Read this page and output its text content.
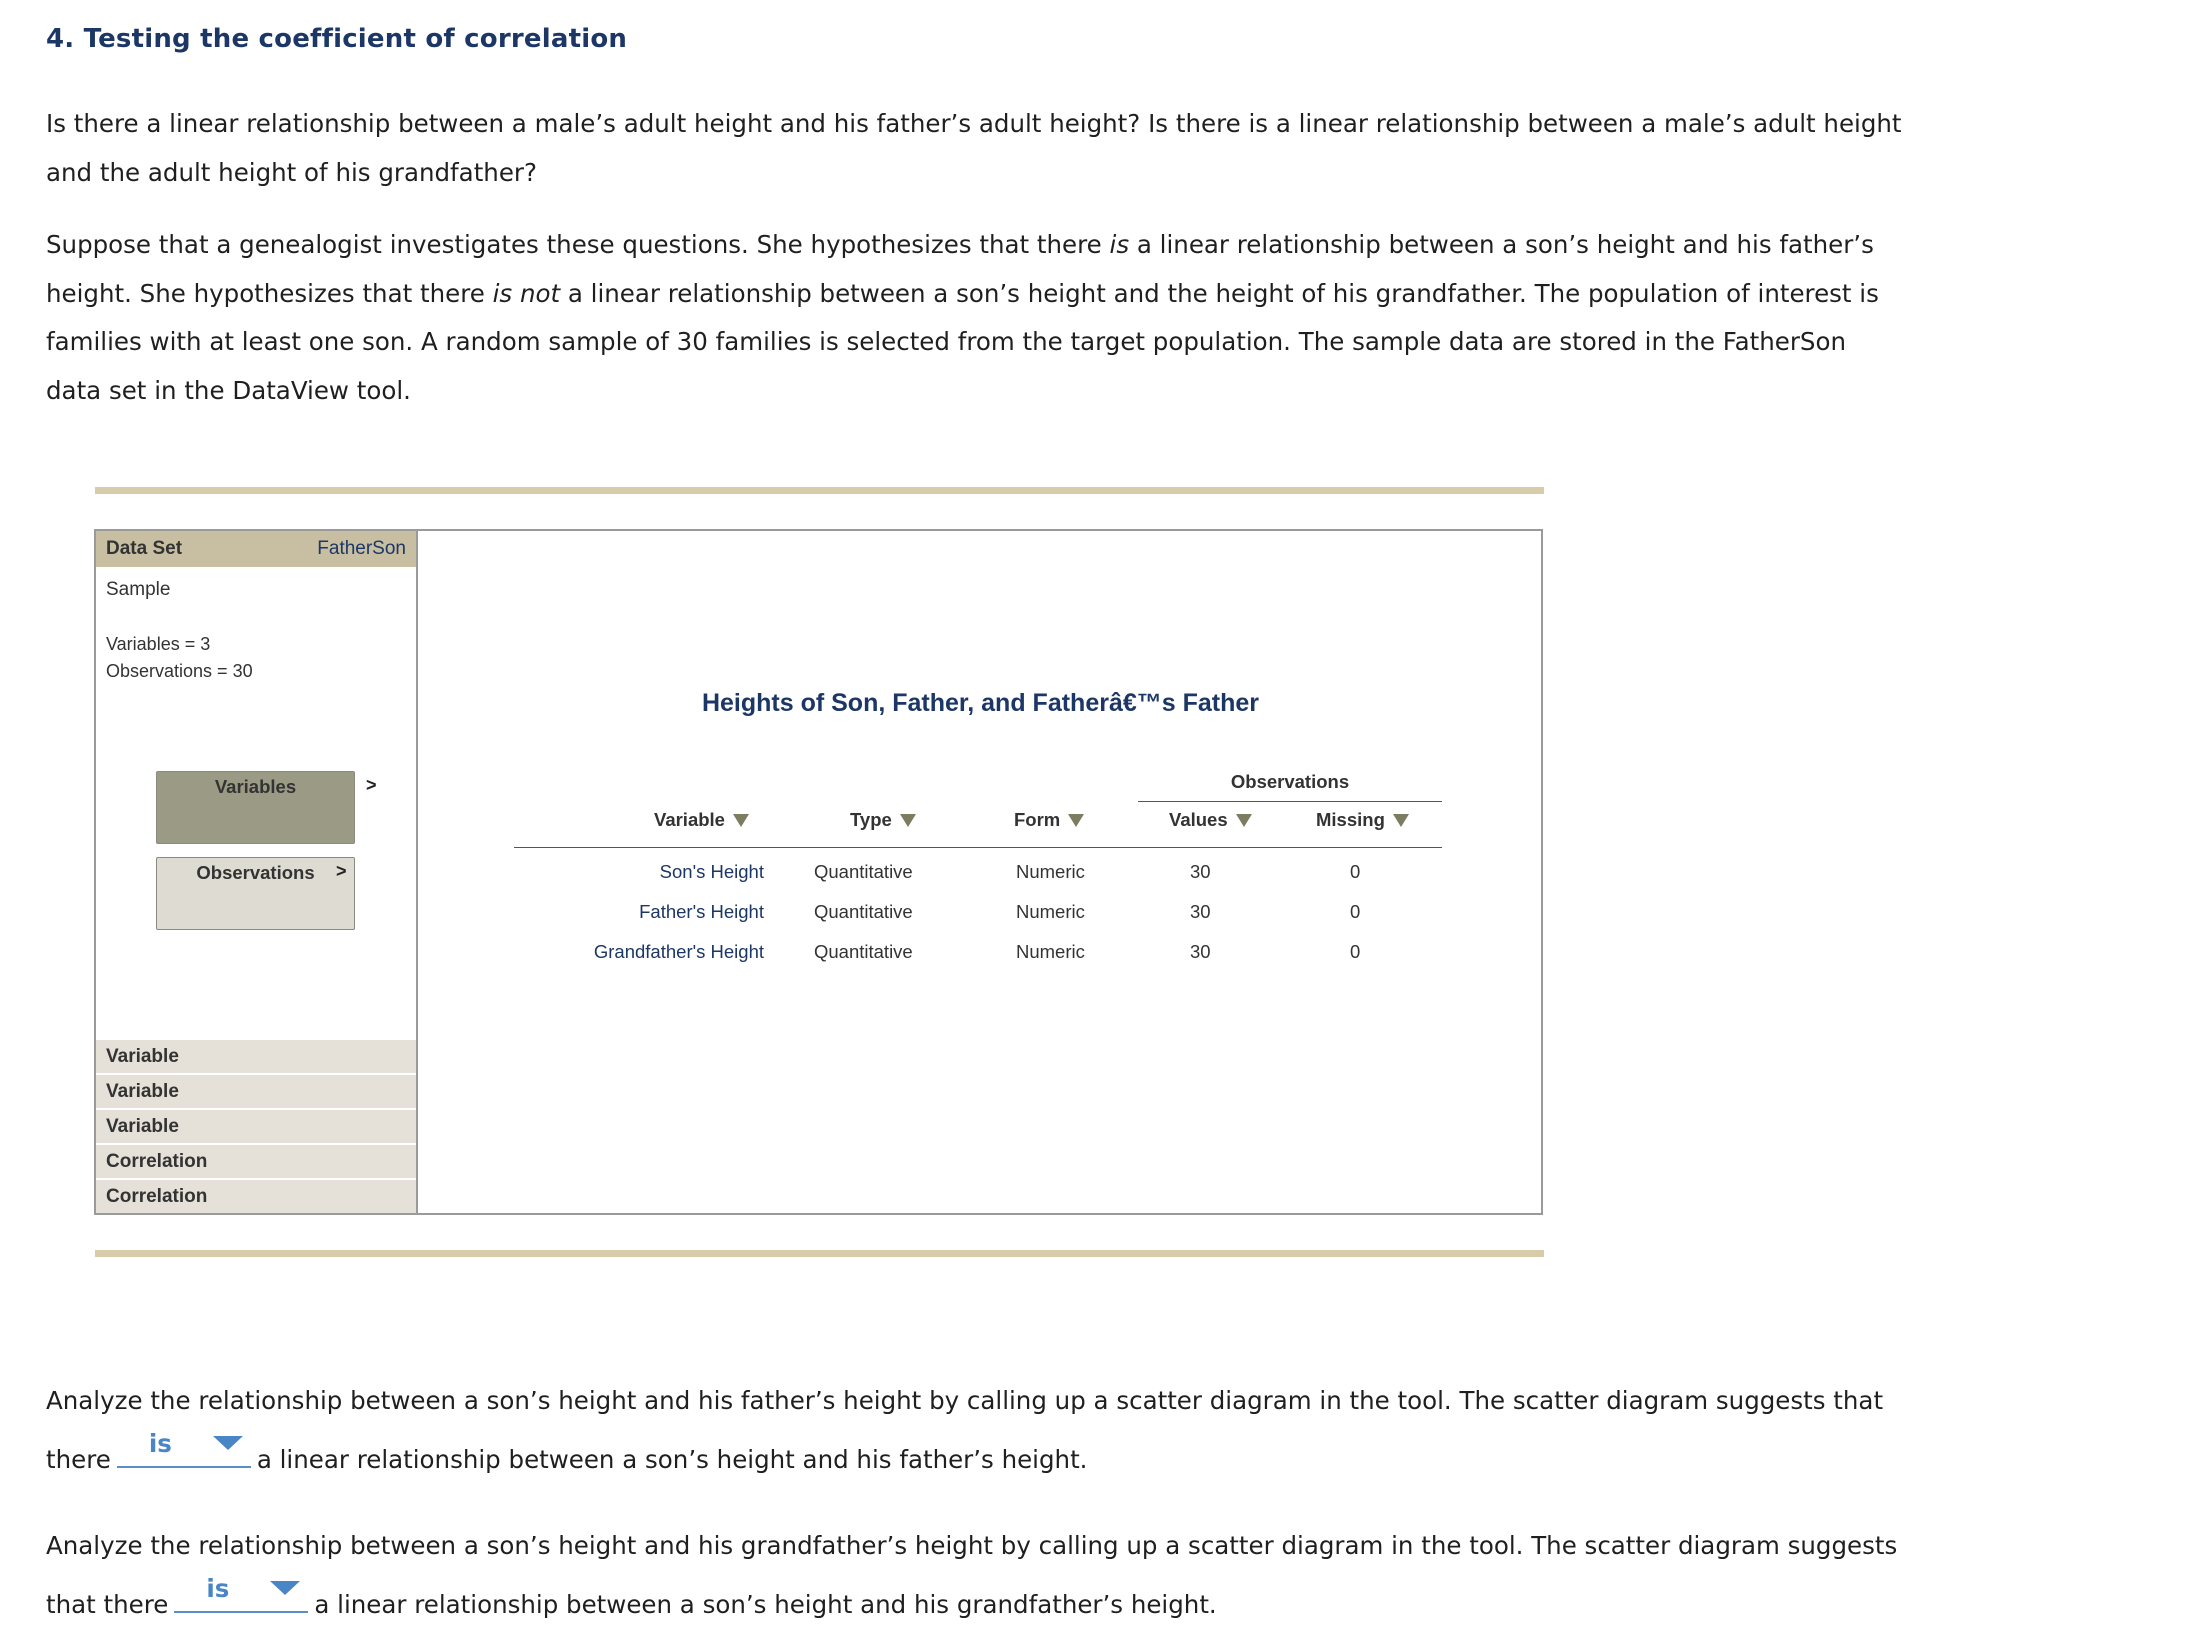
4. Testing the coefficient of correlation

Is there a linear relationship between a male’s adult height and his father’s adult height? Is there is a linear relationship between a male’s adult height and the adult height of his grandfather?

Suppose that a genealogist investigates these questions. She hypothesizes that there is a linear relationship between a son’s height and his father’s height. She hypothesizes that there is not a linear relationship between a son’s height and the height of his grandfather. The population of interest is families with at least one son. A random sample of 30 families is selected from the target population. The sample data are stored in the FatherSon data set in the DataView tool.

Data Set	FatherSon
Sample
Variables = 3
Observations = 30
Variables	>
Observations	>
Variable
Variable
Variable
Correlation
Correlation
Heights of Son, Father, and Fatherâ€™s Father
Observations
Variable	Type	Form	Values	Missing
Son's Height	Quantitative	Numeric	30	0
Father's Height	Quantitative	Numeric	30	0
Grandfather's Height	Quantitative	Numeric	30	0

Analyze the relationship between a son’s height and his father’s height by calling up a scatter diagram in the tool. The scatter diagram suggests that there
is
a linear relationship between a son’s height and his father’s height.

Analyze the relationship between a son’s height and his grandfather’s height by calling up a scatter diagram in the tool. The scatter diagram suggests that there
is
a linear relationship between a son’s height and his grandfather’s height.
